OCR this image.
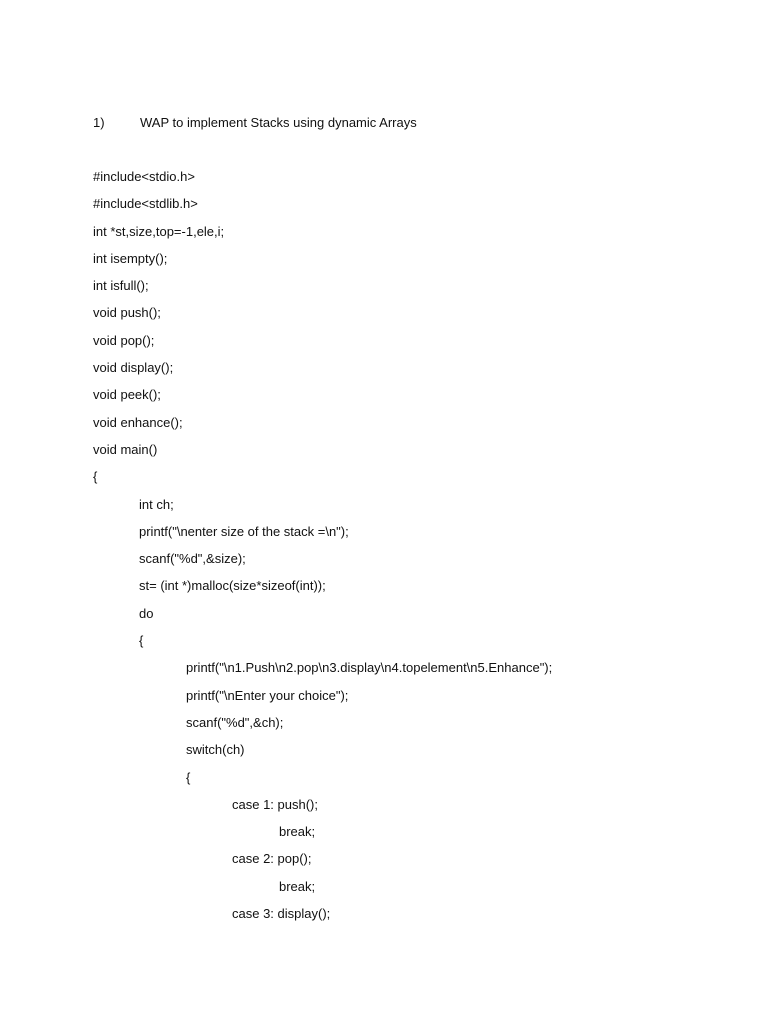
1)	WAP to implement Stacks using dynamic Arrays
#include<stdio.h>
#include<stdlib.h>
int *st,size,top=-1,ele,i;
int isempty();
int isfull();
void push();
void pop();
void display();
void peek();
void enhance();
void main()
{
int ch;
printf("\nenter size of the stack =\n");
scanf("%d",&size);
st= (int *)malloc(size*sizeof(int));
do
{
printf("\n1.Push\n2.pop\n3.display\n4.topelement\n5.Enhance");
printf("\nEnter your choice");
scanf("%d",&ch);
switch(ch)
{
case 1: push();
break;
case 2: pop();
break;
case 3: display();
